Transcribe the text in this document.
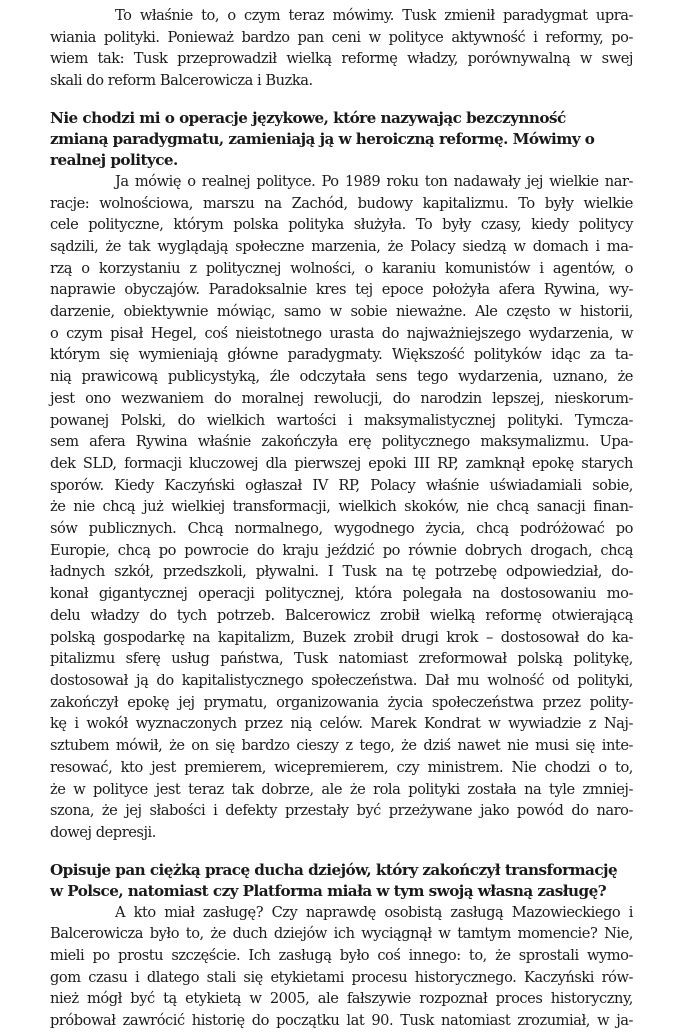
To właśnie to, o czym teraz mówimy. Tusk zmienił paradygmat upra-
wiania polityki. Ponieważ bardzo pan ceni w polityce aktywność i reformy, po-
wiem tak: Tusk przeprowadził wielką reformę władzy, porównywalną w swej
skali do reform Balcerowicza i Buzka.

Nie chodzi mi o operacje językowe, które nazywając bezczynność
zmianą paradygmatu, zamieniają ją w heroiczną reformę. Mówimy o
realnej polityce.

Ja mówię o realnej polityce. Po 1989 roku ton nadawały jej wielkie nar-
racje: wolnościowa, marszu na Zachód, budowy kapitalizmu. To były wielkie
cele polityczne, którym polska polityka służyła. To były czasy, kiedy politycy
sądzili, że tak wyglądają społeczne marzenia, że Polacy siedzą w domach i ma-
rzą o korzystaniu z politycznej wolności, o karaniu komunistów i agentów, o
naprawie obyczajów. Paradoksalnie kres tej epoce położyła afera Rywina, wy-
darzenie, obiektywnie mówiąc, samo w sobie nieważne. Ale często w historii,
o czym pisał Hegel, coś nieistotnego urasta do najważniejszego wydarzenia, w
którym się wymieniają główne paradygmaty. Większość polityków idąc za ta-
nią prawicową publicystyką, źle odczytała sens tego wydarzenia, uznano, że
jest ono wezwaniem do moralnej rewolucji, do narodzin lepszej, nieskorum-
powanej Polski, do wielkich wartości i maksymalistycznej polityki. Tymcza-
sem afera Rywina właśnie zakończyła erę politycznego maksymalizmu. Upa-
dek SLD, formacji kluczowej dla pierwszej epoki III RP, zamknął epokę starych
sporów. Kiedy Kaczyński ogłaszał IV RP, Polacy właśnie uświadamiali sobie,
że nie chcą już wielkiej transformacji, wielkich skoków, nie chcą sanacji finan-
sów publicznych. Chcą normalnego, wygodnego życia, chcą podróżować po
Europie, chcą po powrocie do kraju jeździć po równie dobrych drogach, chcą
ładnych szkół, przedszkoli, pływalni. I Tusk na tę potrzebę odpowiedział, do-
konał gigantycznej operacji politycznej, która polegała na dostosowaniu mo-
delu władzy do tych potrzeb. Balcerowicz zrobił wielką reformę otwierającą
polską gospodarkę na kapitalizm, Buzek zrobił drugi krok – dostosował do ka-
pitalizmu sferę usług państwa, Tusk natomiast zreformował polską politykę,
dostosował ją do kapitalistycznego społeczeństwa. Dał mu wolność od polityki,
zakończył epokę jej prymatu, organizowania życia społeczeństwa przez polity-
kę i wokół wyznaczonych przez nią celów. Marek Kondrat w wywiadzie z Naj-
sztubem mówił, że on się bardzo cieszy z tego, że dziś nawet nie musi się inte-
resować, kto jest premierem, wicepremierem, czy ministrem. Nie chodzi o to,
że w polityce jest teraz tak dobrze, ale że rola polityki została na tyle zmniej-
szona, że jej słabości i defekty przestały być przeżywane jako powód do naro-
dowej depresji.

Opisuje pan ciężką pracę ducha dziejów, który zakończył transformację
w Polsce, natomiast czy Platforma miała w tym swoją własną zasługę?

A kto miał zasługę? Czy naprawdę osobistą zasługą Mazowieckiego i
Balcerowicza było to, że duch dziejów ich wyciągnął w tamtym momencie? Nie,
mieli po prostu szczęście. Ich zasługą było coś innego: to, że sprostali wymo-
gom czasu i dlatego stali się etykietami procesu historycznego. Kaczyński rów-
nież mógł być tą etykietą w 2005, ale fałszywie rozpoznał proces historyczny,
próbował zawrócić historię do początku lat 90. Tusk natomiast zrozumiał, w ja-
